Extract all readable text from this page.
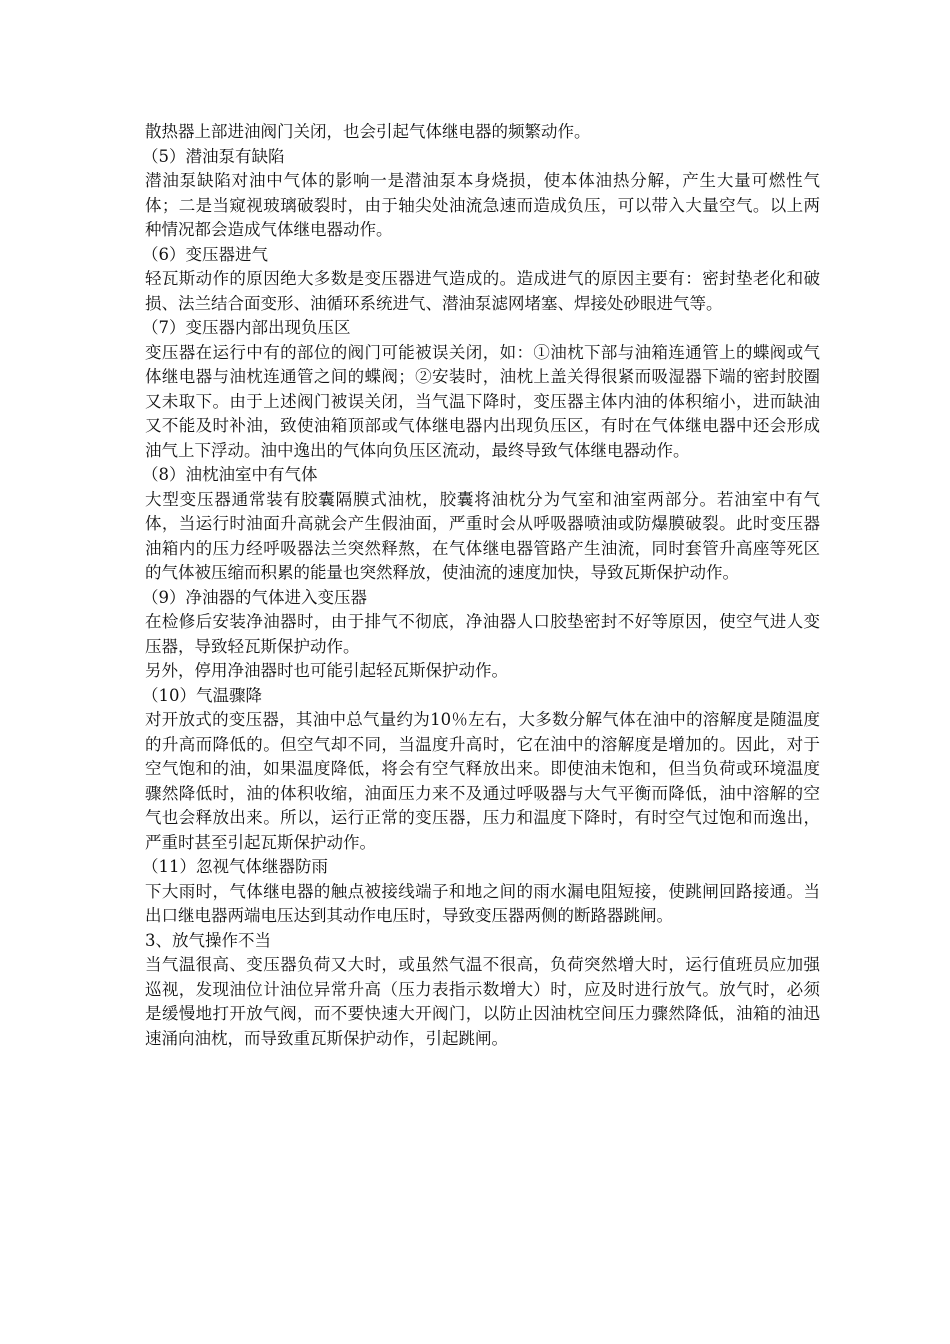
散热器上部进油阀门关闭，也会引起气体继电器的频繁动作。

（5）潜油泵有缺陷

潜油泵缺陷对油中气体的影响一是潜油泵本身烧损，使本体油热分解，产生大量可燃性气体；二是当窥视玻璃破裂时，由于轴尖处油流急速而造成负压，可以带入大量空气。以上两种情况都会造成气体继电器动作。

（6）变压器进气

轻瓦斯动作的原因绝大多数是变压器进气造成的。造成进气的原因主要有：密封垫老化和破损、法兰结合面变形、油循环系统进气、潜油泵滤网堵塞、焊接处砂眼进气等。

（7）变压器内部出现负压区

变压器在运行中有的部位的阀门可能被误关闭，如：①油枕下部与油箱连通管上的蝶阀或气体继电器与油枕连通管之间的蝶阀；②安装时，油枕上盖关得很紧而吸湿器下端的密封胶圈又未取下。由于上述阀门被误关闭，当气温下降时，变压器主体内油的体积缩小，进而缺油又不能及时补油，致使油箱顶部或气体继电器内出现负压区，有时在气体继电器中还会形成油气上下浮动。油中逸出的气体向负压区流动，最终导致气体继电器动作。

（8）油枕油室中有气体

大型变压器通常装有胶囊隔膜式油枕，胶囊将油枕分为气室和油室两部分。若油室中有气体，当运行时油面升高就会产生假油面，严重时会从呼吸器喷油或防爆膜破裂。此时变压器油箱内的压力经呼吸器法兰突然释熬，在气体继电器管路产生油流，同时套管升高座等死区的气体被压缩而积累的能量也突然释放，使油流的速度加快，导致瓦斯保护动作。

（9）净油器的气体进入变压器

在检修后安装净油器时，由于排气不彻底，净油器人口胶垫密封不好等原因，使空气进人变压器，导致轻瓦斯保护动作。

另外，停用净油器时也可能引起轻瓦斯保护动作。

（10）气温骤降

对开放式的变压器，其油中总气量约为10％左右，大多数分解气体在油中的溶解度是随温度的升高而降低的。但空气却不同，当温度升高时，它在油中的溶解度是增加的。因此，对于空气饱和的油，如果温度降低，将会有空气释放出来。即使油未饱和，但当负荷或环境温度骤然降低时，油的体积收缩，油面压力来不及通过呼吸器与大气平衡而降低，油中溶解的空气也会释放出来。所以，运行正常的变压器，压力和温度下降时，有时空气过饱和而逸出，严重时甚至引起瓦斯保护动作。

（11）忽视气体继器防雨

下大雨时，气体继电器的触点被接线端子和地之间的雨水漏电阻短接，使跳闸回路接通。当出口继电器两端电压达到其动作电压时，导致变压器两侧的断路器跳闸。

3、放气操作不当

当气温很高、变压器负荷又大时，或虽然气温不很高，负荷突然增大时，运行值班员应加强巡视，发现油位计油位异常升高（压力表指示数增大）时，应及时进行放气。放气时，必须是缓慢地打开放气阀，而不要快速大开阀门，以防止因油枕空间压力骤然降低，油箱的油迅速涌向油枕，而导致重瓦斯保护动作，引起跳闸。
